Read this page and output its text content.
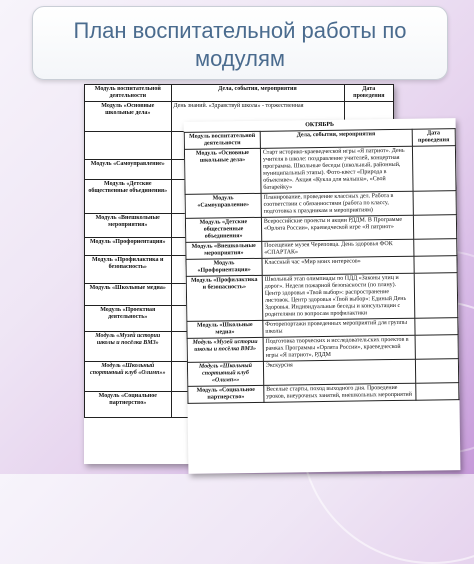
План воспитательной работы по модулям
Модуль воспитательной деятельности	Дела, события, мероприятия	Дата проведения
Модуль «Основные школьные дела»	День знаний. «Здравствуй школа» - торжественная	

Модуль «Самоуправление»		
Модуль «Детские общественные объединения»		
Модуль «Внешкольные мероприятия»		
Модуль «Профориентация»		
Модуль «Профилактика и безопасность»		
Модуль «Школьные медиа»		
Модуль «Проектная деятельность»		
Модуль «Музей истории школы и посёлка ВМЗ»		
Модуль «Школьный спортивный клуб «Олимп»»		
Модуль «Социальное партнерство»		
ОКТЯБРЬ
Модуль воспитательной деятельности	Дела, события, мероприятия	Дата проведения
Модуль «Основные школьные дела»	Старт историко-краеведческой игры «Я патриот». День учителя в школе: поздравление учителей, концертная программа. Школьные беседы (школьный, районный, муниципальный этапы). Фото-квест «Природа в объективе». Акция «Кукла для малыша», «Свой батарейку»	
Модуль «Самоуправление»	Планирование, проведение классных дел. Работа в соответствии с обязанностями (работа по классу, подготовка к праздникам и мероприятиям)	
Модуль «Детские общественные объединения»	Всероссийские проекты и акции РДДМ. В Программе «Орлята России», краеведческой игре «Я патриот»	
Модуль «Внешкольные мероприятия»	Посещение музея Череповца. День здоровья ФОК «СПАРТАК»	
Модуль «Профориентация»	Классный час «Мир моих интересов»	
Модуль «Профилактика и безопасность»	Школьный этап олимпиады по ПДД «Законы улиц и дорог». Неделя пожарной безопасности (по плану). Центр здоровья «Твой выбор»: распространение листовок. Центр здоровья «Твой выбор»: Единый День Здоровья. Индивидуальные беседы и консультации с родителями по вопросам профилактики	
Модуль «Школьные медиа»	Фоторепортажи проведенных мероприятий для группы школы	
Модуль «Музей истории школы и посёлка ВМЗ»	Подготовка творческих и исследовательских проектов в рамках Программы «Орлята России», краеведческой игры «Я патриот», РДДМ	
Модуль «Школьный спортивный клуб «Олимп»»	Экскурсия	
Модуль «Социальное партнерство»	Веселые старты, поход выходного дня. Проведение уроков, внеурочных занятий, внешкольных мероприятий	
